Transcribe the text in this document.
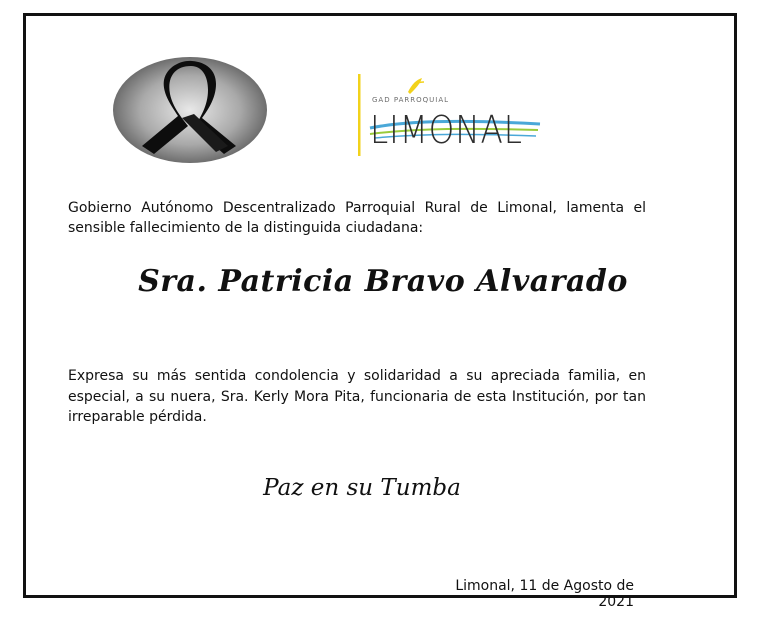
GAD PARROQUIAL
LIMONAL
Gobierno Autónomo Descentralizado Parroquial Rural de Limonal, lamenta el sensible fallecimiento de la distinguida ciudadana:
Sra. Patricia Bravo Alvarado
Expresa su más sentida condolencia y solidaridad a su apreciada familia, en especial, a su nuera, Sra. Kerly Mora Pita, funcionaria de esta Institución, por tan irreparable pérdida.
Paz en su Tumba
Limonal, 11 de Agosto de 2021
